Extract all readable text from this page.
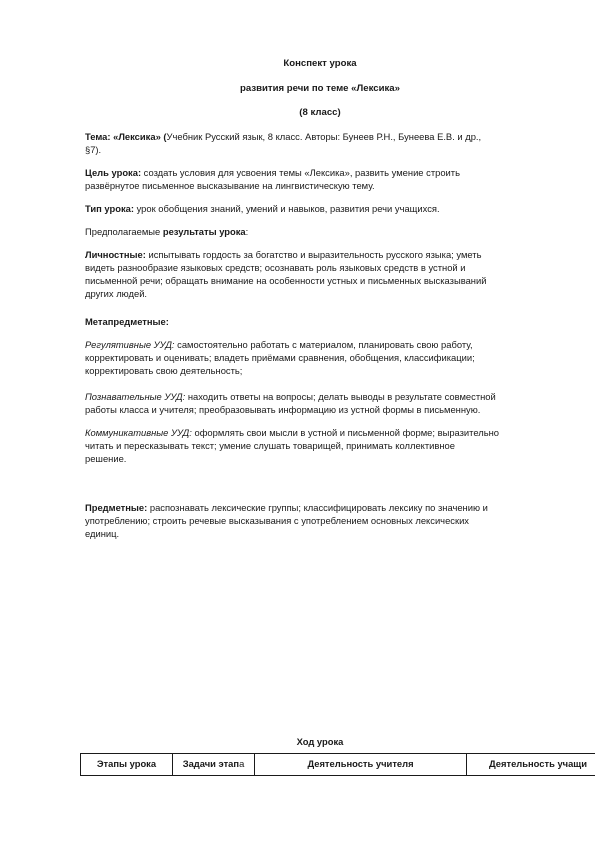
Конспект урока
развития речи по теме «Лексика»
(8 класс)
Тема: «Лексика» (Учебник Русский язык, 8 класс. Авторы: Бунеев Р.Н., Бунеева Е.В. и др.,
§7).
Цель урока: создать условия для усвоения темы «Лексика», развить умение строить
развёрнутое письменное высказывание на лингвистическую тему.
Тип урока: урок обобщения знаний, умений и навыков, развития речи учащихся.
Предполагаемые результаты урока:
Личностные: испытывать гордость за богатство и выразительность русского языка; уметь
видеть разнообразие языковых средств; осознавать роль языковых средств в устной и
письменной речи; обращать внимание на особенности устных и письменных высказываний
других людей.
Метапредметные:
Регулятивные УУД: самостоятельно работать с материалом, планировать свою работу,
корректировать и оценивать; владеть приёмами сравнения, обобщения, классификации;
корректировать свою деятельность;
Познавательные УУД: находить ответы на вопросы; делать выводы в результате совместной
работы класса и учителя; преобразовывать информацию из устной формы в письменную.
Коммуникативные УУД: оформлять свои мысли в устной и письменной форме; выразительно
читать и пересказывать текст; умение слушать товарищей, принимать коллективное
решение.
Предметные: распознавать лексические группы; классифицировать лексику по значению и
употреблению; строить речевые высказывания с употреблением основных лексических
единиц.
Ход урока
Этапы урока	Задачи этапа	Деятельность учителя	Деятельность учащи
